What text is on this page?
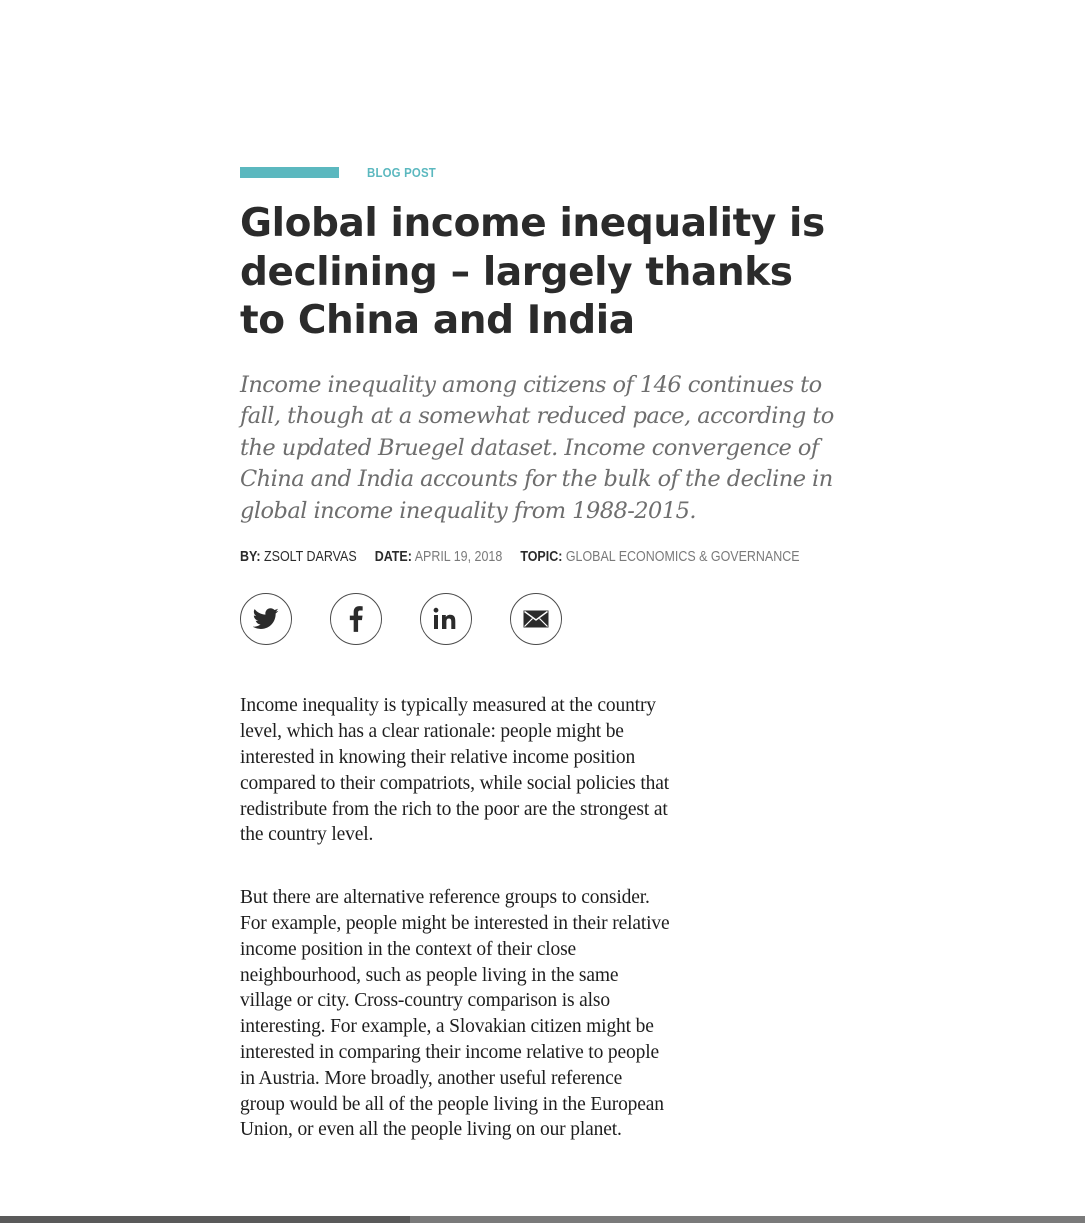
BLOG POST
Global income inequality is declining – largely thanks to China and India

Income inequality among citizens of 146 continues to fall, though at a somewhat reduced pace, according to the updated Bruegel dataset. Income convergence of China and India accounts for the bulk of the decline in global income inequality from 1988-2015.

BY: ZSOLT DARVAS DATE: APRIL 19, 2018 TOPIC: GLOBAL ECONOMICS & GOVERNANCE

Income inequality is typically measured at the country level, which has a clear rationale: people might be interested in knowing their relative income position compared to their compatriots, while social policies that redistribute from the rich to the poor are the strongest at the country level.

But there are alternative reference groups to consider. For example, people might be interested in their relative income position in the context of their close neighbourhood, such as people living in the same village or city. Cross-country comparison is also interesting. For example, a Slovakian citizen might be interested in comparing their income relative to people in Austria. More broadly, another useful reference group would be all of the people living in the European Union, or even all the people living on our planet.
